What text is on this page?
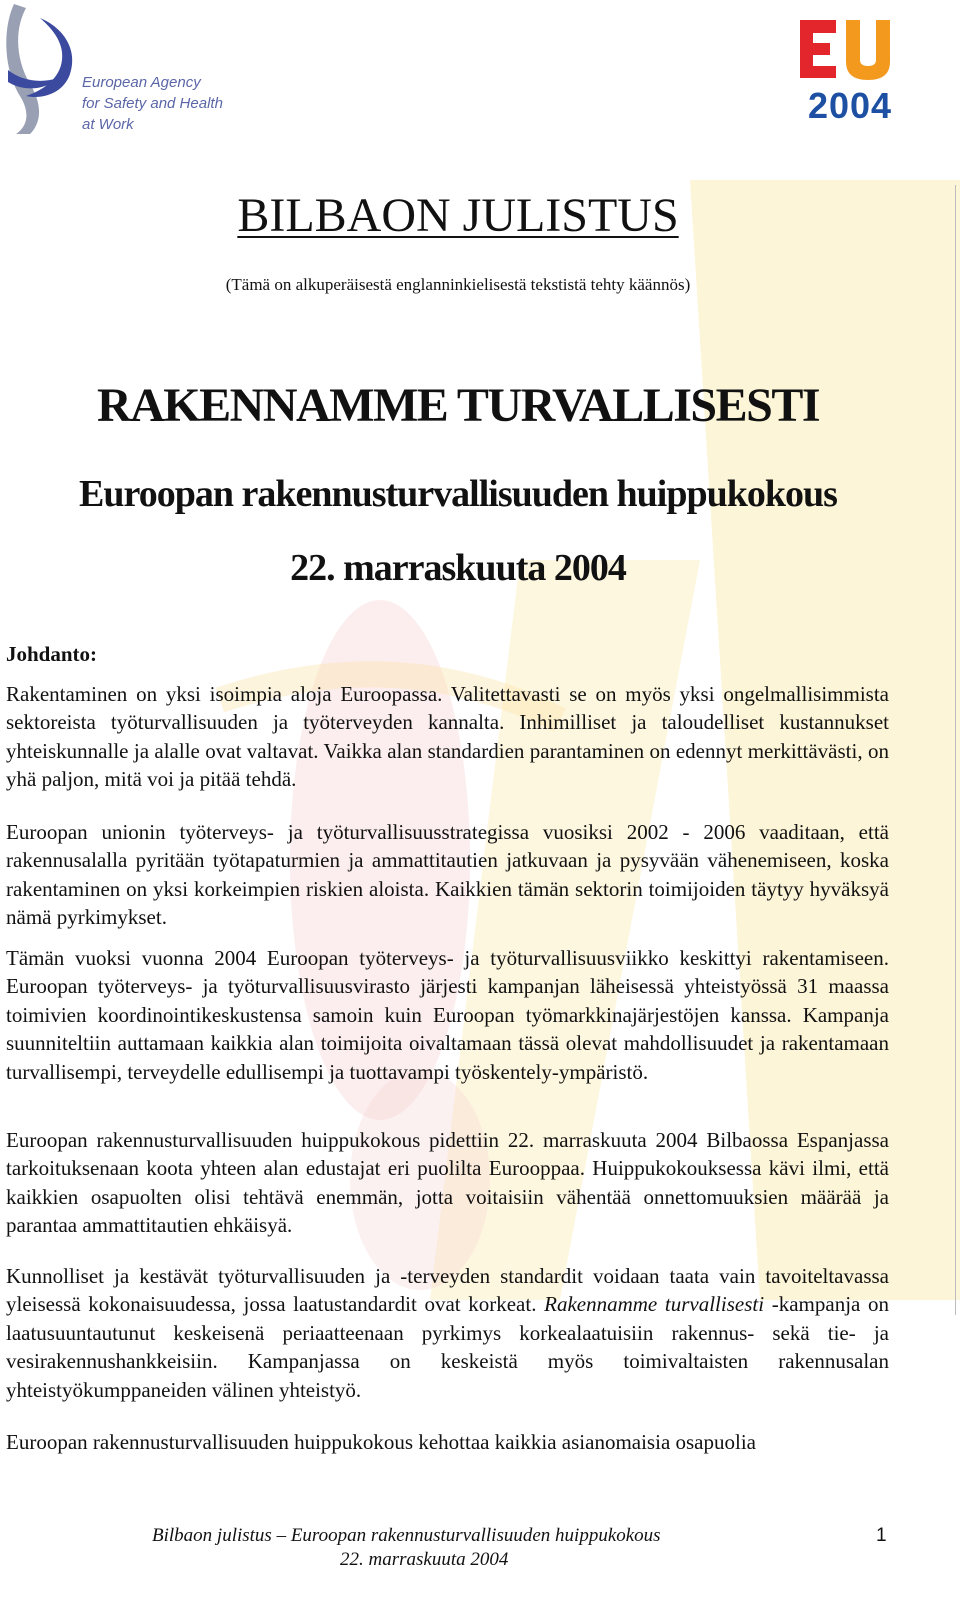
European Agency
for Safety and Health
at Work	2004
BILBAON JULISTUS

(Tämä on alkuperäisestä englanninkielisestä tekstistä tehty käännös)

RAKENNAMME TURVALLISESTI
Euroopan rakennusturvallisuuden huippukokous
22. marraskuuta 2004

Johdanto:

Rakentaminen on yksi isoimpia aloja Euroopassa. Valitettavasti se on myös yksi ongelmallisimmista sektoreista työturvallisuuden ja työterveyden kannalta. Inhimilliset ja taloudelliset kustannukset yhteiskunnalle ja alalle ovat valtavat. Vaikka alan standardien parantaminen on edennyt merkittävästi, on yhä paljon, mitä voi ja pitää tehdä.

Euroopan unionin työterveys- ja työturvallisuusstrategissa vuosiksi 2002 - 2006 vaaditaan, että rakennusalalla pyritään työtapaturmien ja ammattitautien jatkuvaan ja pysyvään vähenemiseen, koska rakentaminen on yksi korkeimpien riskien aloista. Kaikkien tämän sektorin toimijoiden täytyy hyväksyä nämä pyrkimykset.

Tämän vuoksi vuonna 2004 Euroopan työterveys- ja työturvallisuusviikko keskittyi rakentamiseen. Euroopan työterveys- ja työturvallisuusvirasto järjesti kampanjan läheisessä yhteistyössä 31 maassa toimivien koordinointikeskustensa samoin kuin Euroopan työmarkkinajärjestöjen kanssa. Kampanja suunniteltiin auttamaan kaikkia alan toimijoita oivaltamaan tässä olevat mahdollisuudet ja rakentamaan turvallisempi, terveydelle edullisempi ja tuottavampi työskentely-ympäristö.

Euroopan rakennusturvallisuuden huippukokous pidettiin 22. marraskuuta 2004 Bilbaossa Espanjassa tarkoituksenaan koota yhteen alan edustajat eri puolilta Eurooppaa. Huippukokouksessa kävi ilmi, että kaikkien osapuolten olisi tehtävä enemmän, jotta voitaisiin vähentää onnettomuuksien määrää ja parantaa ammattitautien ehkäisyä.

Kunnolliset ja kestävät työturvallisuuden ja -terveyden standardit voidaan taata vain tavoiteltavassa yleisessä kokonaisuudessa, jossa laatustandardit ovat korkeat. Rakennamme turvallisesti -kampanja on laatusuuntautunut keskeisenä periaatteenaan pyrkimys korkealaatuisiin rakennus- sekä tie- ja vesirakennushankkeisiin. Kampanjassa on keskeistä myös toimivaltaisten rakennusalan yhteistyökumppaneiden välinen yhteistyö.

Euroopan rakennusturvallisuuden huippukokous kehottaa kaikkia asianomaisia osapuolia

Bilbaon julistus – Euroopan rakennusturvallisuuden huippukokous

22. marraskuuta 2004

1
